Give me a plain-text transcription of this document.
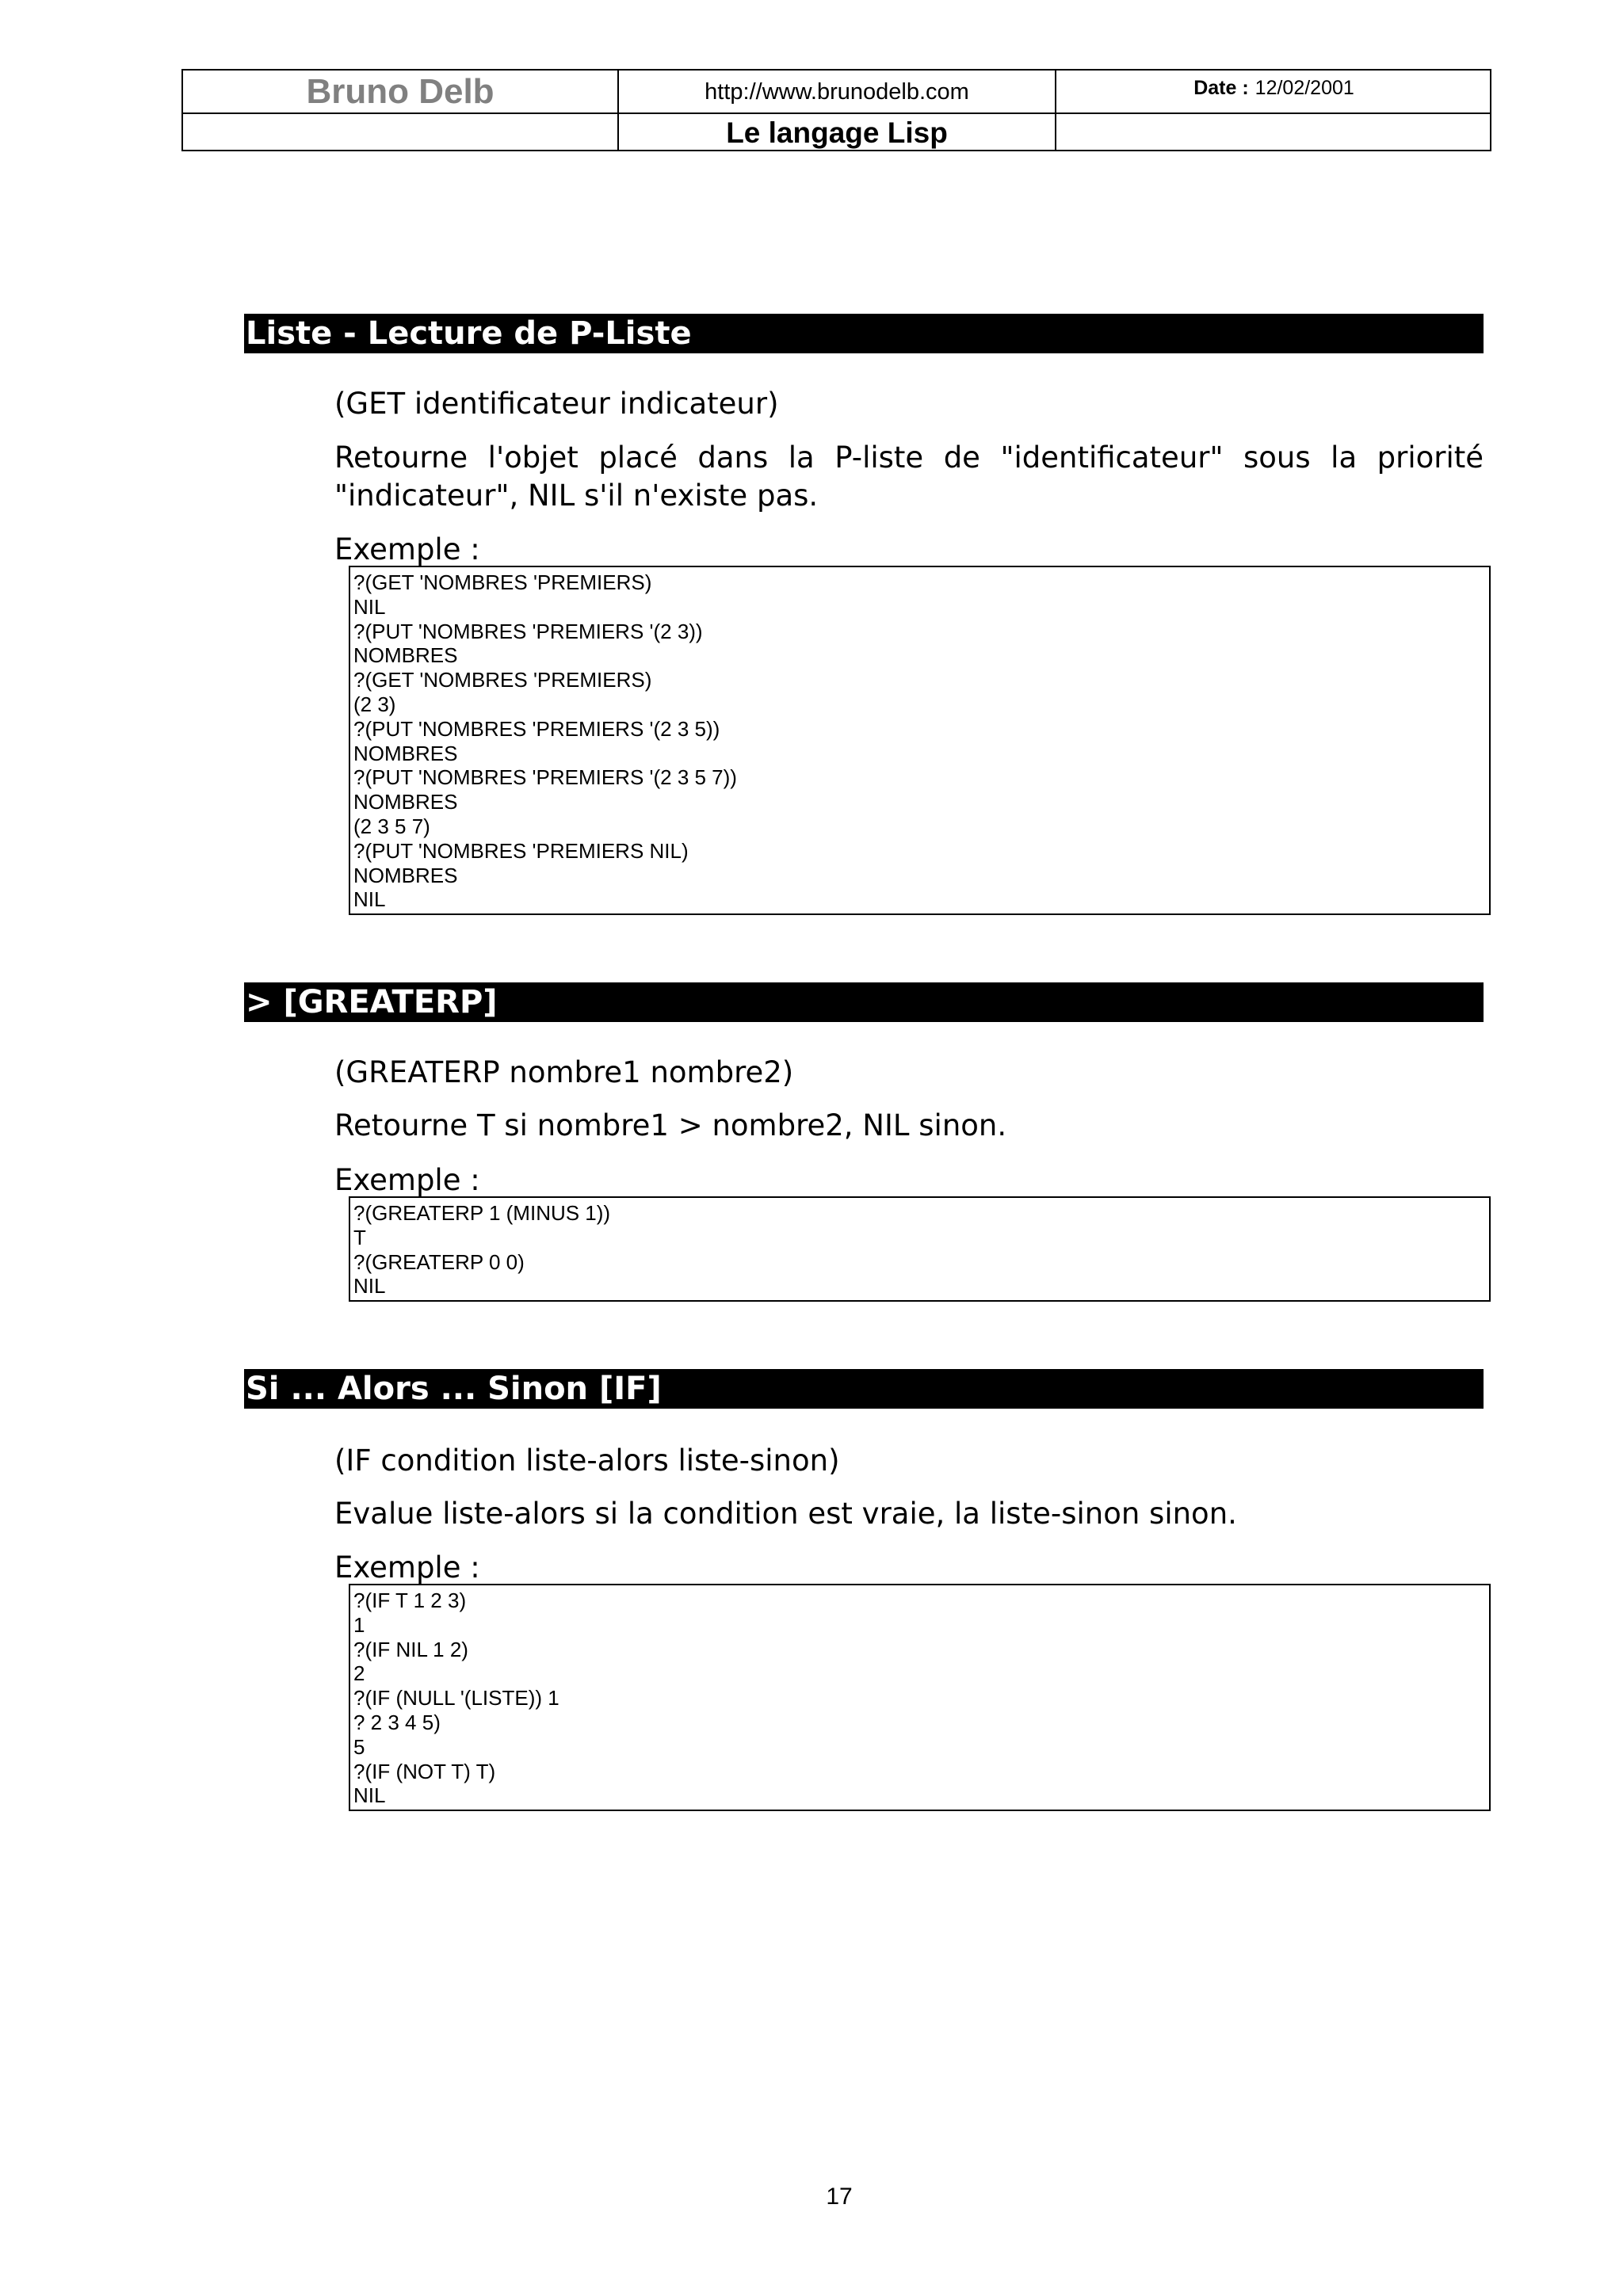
Bruno Delb	http://www.brunodelb.com	Date : 12/02/2001
Le langage Lisp
Liste - Lecture de P-Liste
(GET identificateur indicateur)
Retourne l'objet placé dans la P-liste de "identificateur" sous la priorité "indicateur", NIL s'il n'existe pas.
Exemple :
?(GET 'NOMBRES 'PREMIERS)
NIL
?(PUT 'NOMBRES 'PREMIERS '(2 3))
NOMBRES
?(GET 'NOMBRES 'PREMIERS)
(2 3)
?(PUT 'NOMBRES 'PREMIERS '(2 3 5))
NOMBRES
?(PUT 'NOMBRES 'PREMIERS '(2 3 5 7))
NOMBRES
(2 3 5 7)
?(PUT 'NOMBRES 'PREMIERS NIL)
NOMBRES
NIL
> [GREATERP]
(GREATERP nombre1 nombre2)
Retourne T si nombre1 > nombre2, NIL sinon.
Exemple :
?(GREATERP 1 (MINUS 1))
T
?(GREATERP 0 0)
NIL
Si ... Alors ... Sinon [IF]
(IF condition liste-alors liste-sinon)
Evalue liste-alors si la condition est vraie, la liste-sinon sinon.
Exemple :
?(IF T 1 2 3)
1
?(IF NIL 1 2)
2
?(IF (NULL '(LISTE)) 1
? 2 3 4 5)
5
?(IF (NOT T) T)
NIL
17
